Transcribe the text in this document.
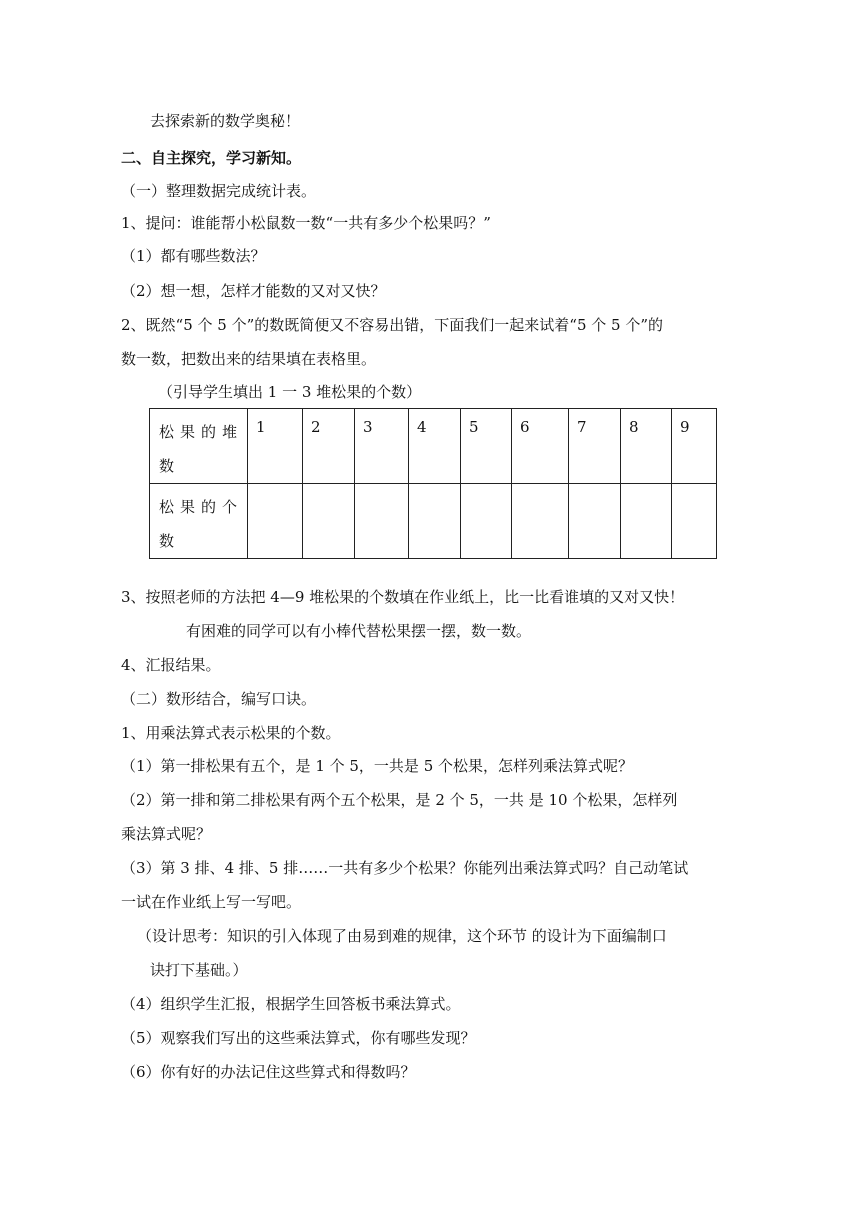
去探索新的数学奥秘！
二、自主探究，学习新知。
（一）整理数据完成统计表。
1、提问：谁能帮小松鼠数一数“一共有多少个松果吗？”
（1）都有哪些数法？
（2）想一想，怎样才能数的又对又快？
2、既然“5 个 5 个”的数既简便又不容易出错，下面我们一起来试着“5 个 5 个”的
数一数，把数出来的结果填在表格里。
（引导学生填出 1 一 3 堆松果的个数）
松果的堆数	1	2	3	4	5	6	7	8	9
松果的个数									
3、按照老师的方法把 4—9 堆松果的个数填在作业纸上，比一比看谁填的又对又快！
有困难的同学可以有小棒代替松果摆一摆，数一数。
4、汇报结果。
（二）数形结合，编写口诀。
1、用乘法算式表示松果的个数。
（1）第一排松果有五个，是 1 个 5，一共是 5 个松果，怎样列乘法算式呢？
（2）第一排和第二排松果有两个五个松果，是 2 个 5，一共 是 10 个松果，怎样列
乘法算式呢？
（3）第 3 排、4 排、5 排……一共有多少个松果？你能列出乘法算式吗？自己动笔试
一试在作业纸上写一写吧。
（设计思考：知识的引入体现了由易到难的规律，这个环节 的设计为下面编制口
诀打下基础。）
（4）组织学生汇报，根据学生回答板书乘法算式。
（5）观察我们写出的这些乘法算式，你有哪些发现？
（6）你有好的办法记住这些算式和得数吗？
